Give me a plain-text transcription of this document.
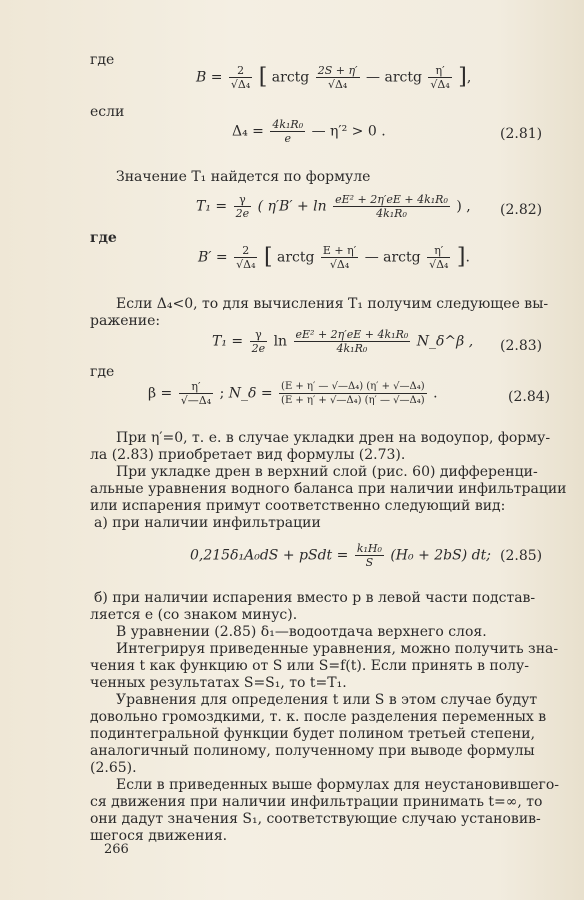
где
$B = \frac{2}{\text{√Δ₄}}$ [ arctg $\frac{2S + \eta'}{\text{√Δ₄}}$ — arctg $\frac{\eta'}{\text{√Δ₄}}$ ],
если
$\Delta_4 = \frac{\text{4k₁R₀}}{e}$ — η′² > 0 .	(2.81)
Значение T₁ найдется по формуле
$T_1 = \frac{\gamma}{2e}$ ( $\eta'B' + \ln \frac{\text{eE² + 2η′eE + 4k₁R₀}}{\text{4k₁R₀}}$ ) , (2.82)
где
$B' = \frac{2}{\text{√Δ₄}}$ [ arctg $\frac{E + \eta'}{\text{√Δ₄}}$ — arctg $\frac{\eta'}{\text{√Δ₄}}$ ].
Если Δ₄<0, то для вычисления T₁ получим следующее вы-
ражение:
$T_1 = \frac{\gamma}{2e}$ $\ln \frac{\text{eE² + 2η′eE + 4k₁R₀}}{\text{4k₁R₀}}$ N_δ^β , (2.83)
где
$\beta = \frac{\eta'}{\text{√—Δ₄}}$ ; N_δ = $\frac{\text{(E + η′ — √—Δ₄) (η′ + √—Δ₄)}}{\text{(E + η′ + √—Δ₄) (η′ — √—Δ₄)}}$ .	(2.84)
При η′=0, т. е. в случае укладки дрен на водоупор, форму-
ла (2.83) приобретает вид формулы (2.73).
При укладке дрен в верхний слой (рис. 60) дифференци-
альные уравнения водного баланса при наличии инфильтрации
или испарения примут соответственно следующий вид:
а) при наличии инфильтрации
0,215δ₁A₀dS + pSdt = $\frac{\text{k₁H₀}}{S} (H_0 + 2bS)$ dt; (2.85)
б) при наличии испарения вместо p в левой части подстав-
ляется e (со знаком минус).
В уравнении (2.85) δ₁—водоотдача верхнего слоя.
Интегрируя приведенные уравнения, можно получить зна-
чения t как функцию от S или S=f(t). Если принять в полу-
ченных результатах S=S₁, то t=T₁.
Уравнения для определения t или S в этом случае будут
довольно громоздкими, т. к. после разделения переменных в
подинтегральной функции будет полином третьей степени,
аналогичный полиному, полученному при выводе формулы
(2.65).
Если в приведенных выше формулах для неустановившего-
ся движения при наличии инфильтрации принимать t=∞, то
они дадут значения S₁, соответствующие случаю установив-
шегося движения.
266
